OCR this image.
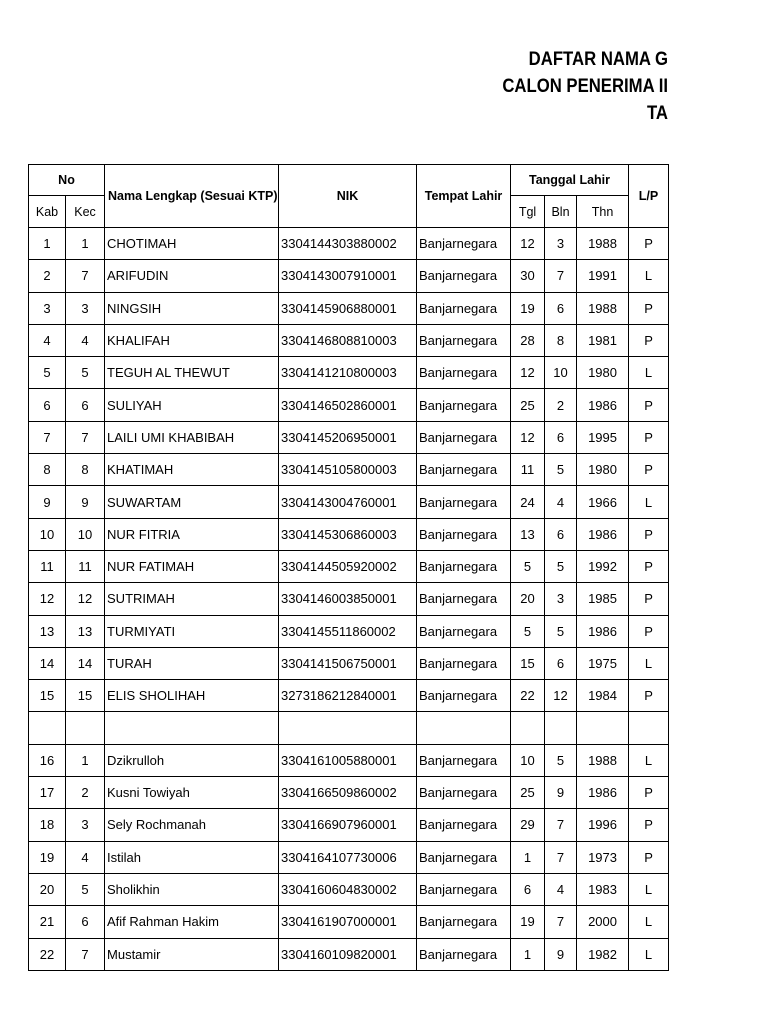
DAFTAR NAMA G
CALON PENERIMA II
TA
No		Nama Lengkap (Sesuai KTP)	NIK	Tempat Lahir	Tanggal Lahir			L/P
Kab	Kec				Tgl	Bln	Thn	
1	1	CHOTIMAH	3304144303880002	Banjarnegara	12	3	1988	P
2	7	ARIFUDIN	3304143007910001	Banjarnegara	30	7	1991	L
3	3	NINGSIH	3304145906880001	Banjarnegara	19	6	1988	P
4	4	KHALIFAH	3304146808810003	Banjarnegara	28	8	1981	P
5	5	TEGUH AL THEWUT	3304141210800003	Banjarnegara	12	10	1980	L
6	6	SULIYAH	3304146502860001	Banjarnegara	25	2	1986	P
7	7	LAILI UMI KHABIBAH	3304145206950001	Banjarnegara	12	6	1995	P
8	8	KHATIMAH	3304145105800003	Banjarnegara	11	5	1980	P
9	9	SUWARTAM	3304143004760001	Banjarnegara	24	4	1966	L
10	10	NUR FITRIA	3304145306860003	Banjarnegara	13	6	1986	P
11	11	NUR FATIMAH	3304144505920002	Banjarnegara	5	5	1992	P
12	12	SUTRIMAH	3304146003850001	Banjarnegara	20	3	1985	P
13	13	TURMIYATI	3304145511860002	Banjarnegara	5	5	1986	P
14	14	TURAH	3304141506750001	Banjarnegara	15	6	1975	L
15	15	ELIS SHOLIHAH	3273186212840001	Banjarnegara	22	12	1984	P

16	1	Dzikrulloh	3304161005880001	Banjarnegara	10	5	1988	L
17	2	Kusni Towiyah	3304166509860002	Banjarnegara	25	9	1986	P
18	3	Sely Rochmanah	3304166907960001	Banjarnegara	29	7	1996	P
19	4	Istilah	3304164107730006	Banjarnegara	1	7	1973	P
20	5	Sholikhin	3304160604830002	Banjarnegara	6	4	1983	L
21	6	Afif Rahman Hakim	3304161907000001	Banjarnegara	19	7	2000	L
22	7	Mustamir	3304160109820001	Banjarnegara	1	9	1982	L
